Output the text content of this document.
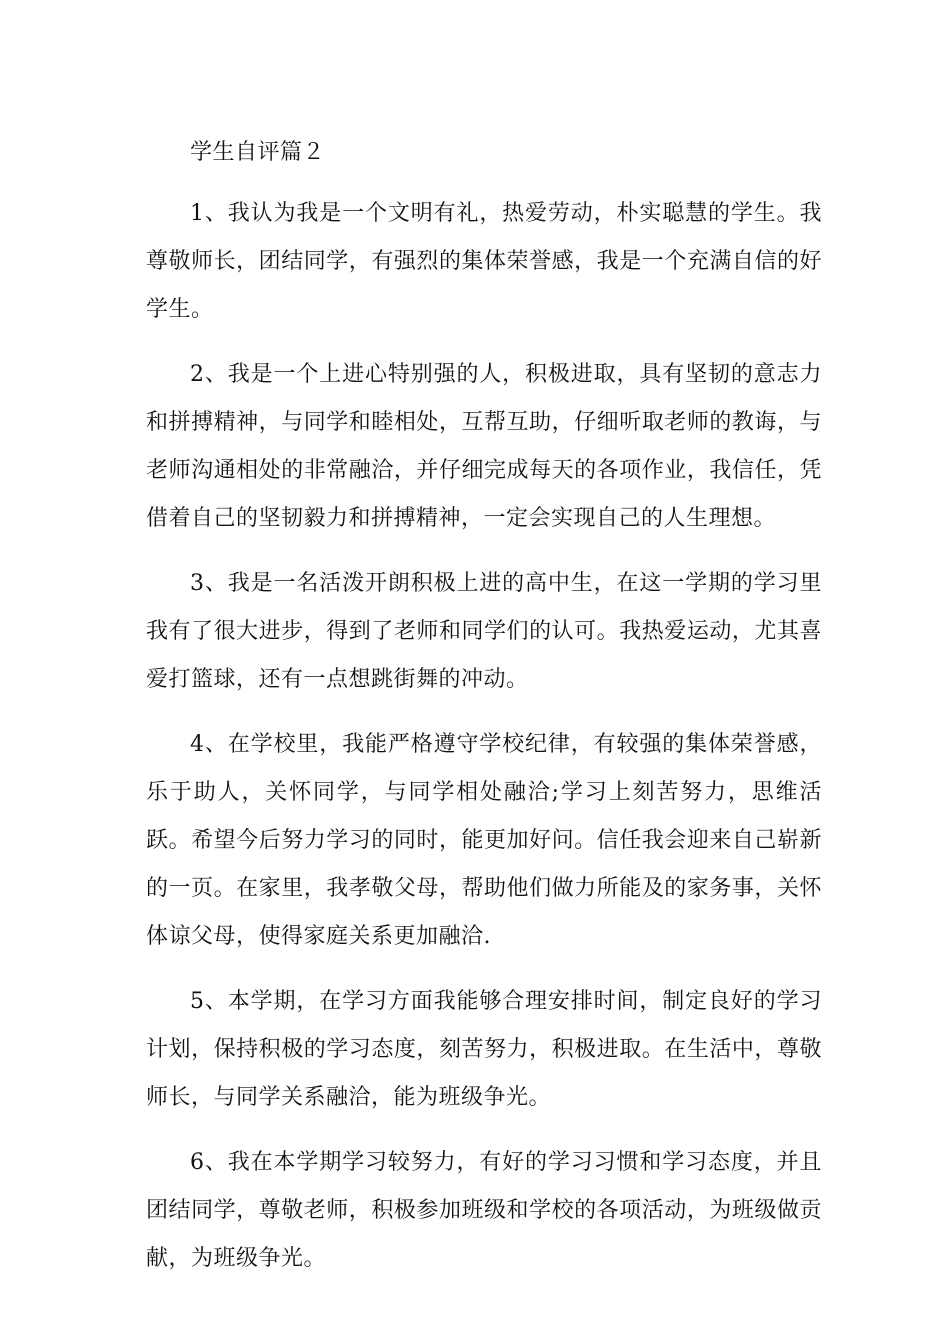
学生自评篇２

1、我认为我是一个文明有礼，热爱劳动，朴实聪慧的学生。我尊敬师长，团结同学，有强烈的集体荣誉感，我是一个充满自信的好学生。

2、我是一个上进心特别强的人，积极进取，具有坚韧的意志力和拼搏精神，与同学和睦相处，互帮互助，仔细听取老师的教诲，与老师沟通相处的非常融洽，并仔细完成每天的各项作业，我信任，凭借着自己的坚韧毅力和拼搏精神，一定会实现自己的人生理想。

3、我是一名活泼开朗积极上进的高中生，在这一学期的学习里我有了很大进步，得到了老师和同学们的认可。我热爱运动，尤其喜爱打篮球，还有一点想跳街舞的冲动。

4、在学校里，我能严格遵守学校纪律，有较强的集体荣誉感，乐于助人，关怀同学，与同学相处融洽;学习上刻苦努力，思维活跃。希望今后努力学习的同时，能更加好问。信任我会迎来自己崭新的一页。在家里，我孝敬父母，帮助他们做力所能及的家务事，关怀体谅父母，使得家庭关系更加融洽.

5、本学期，在学习方面我能够合理安排时间，制定良好的学习计划，保持积极的学习态度，刻苦努力，积极进取。在生活中，尊敬师长，与同学关系融洽，能为班级争光。

6、我在本学期学习较努力，有好的学习习惯和学习态度，并且团结同学，尊敬老师，积极参加班级和学校的各项活动，为班级做贡献，为班级争光。
